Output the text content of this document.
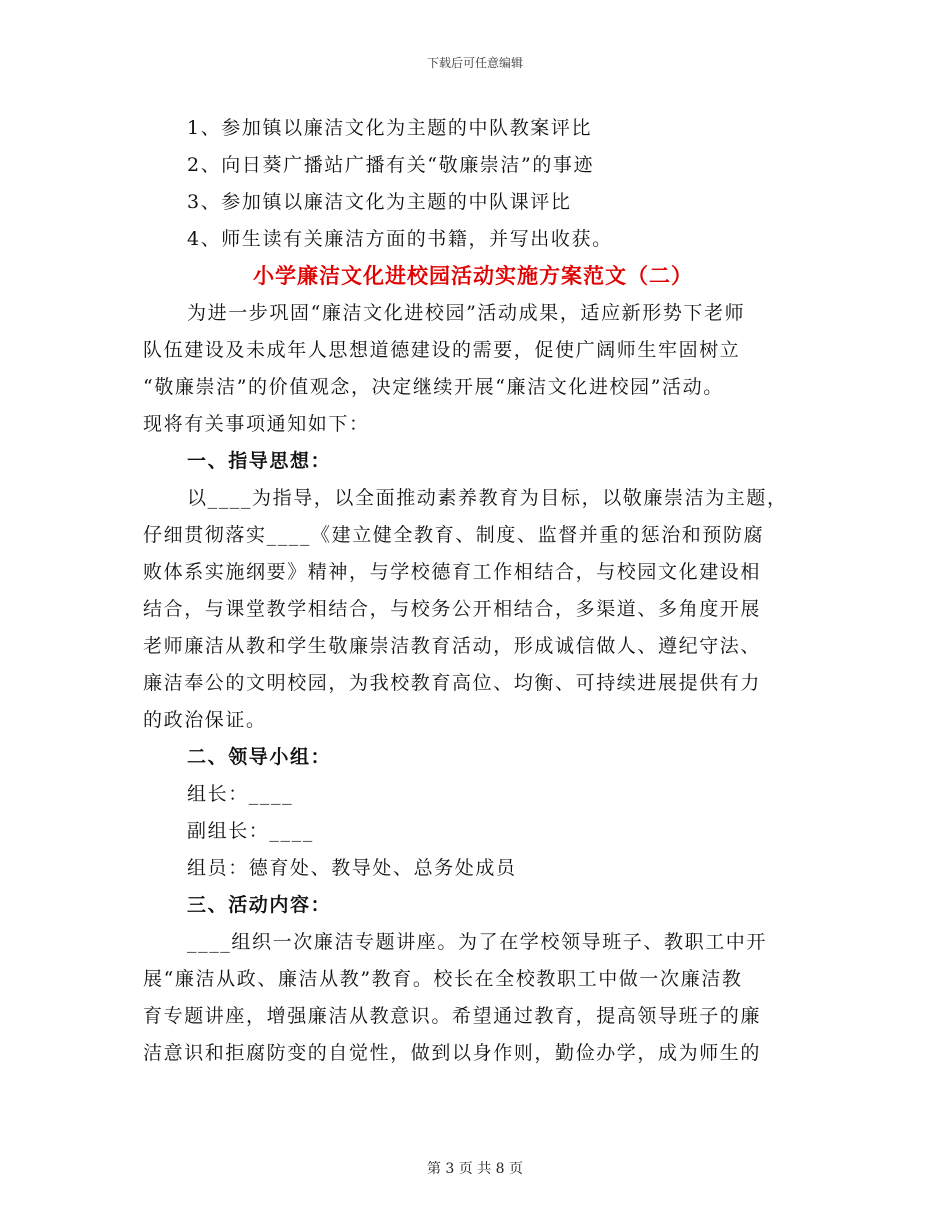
下载后可任意编辑
1、参加镇以廉洁文化为主题的中队教案评比
2、向日葵广播站广播有关“敬廉崇洁”的事迹
3、参加镇以廉洁文化为主题的中队课评比
4、师生读有关廉洁方面的书籍，并写出收获。
小学廉洁文化进校园活动实施方案范文（二）
为进一步巩固“廉洁文化进校园”活动成果，适应新形势下老师
队伍建设及未成年人思想道德建设的需要，促使广阔师生牢固树立
“敬廉崇洁”的价值观念，决定继续开展“廉洁文化进校园”活动。
现将有关事项通知如下：
一、指导思想：
以____为指导，以全面推动素养教育为目标，以敬廉崇洁为主题，
仔细贯彻落实____《建立健全教育、制度、监督并重的惩治和预防腐
败体系实施纲要》精神，与学校德育工作相结合，与校园文化建设相
结合，与课堂教学相结合，与校务公开相结合，多渠道、多角度开展
老师廉洁从教和学生敬廉崇洁教育活动，形成诚信做人、遵纪守法、
廉洁奉公的文明校园，为我校教育高位、均衡、可持续进展提供有力
的政治保证。
二、领导小组：
组长：____
副组长：____
组员：德育处、教导处、总务处成员
三、活动内容：
____组织一次廉洁专题讲座。为了在学校领导班子、教职工中开
展“廉洁从政、廉洁从教”教育。校长在全校教职工中做一次廉洁教
育专题讲座，增强廉洁从教意识。希望通过教育，提高领导班子的廉
洁意识和拒腐防变的自觉性，做到以身作则，勤俭办学，成为师生的
第 3 页 共 8 页
